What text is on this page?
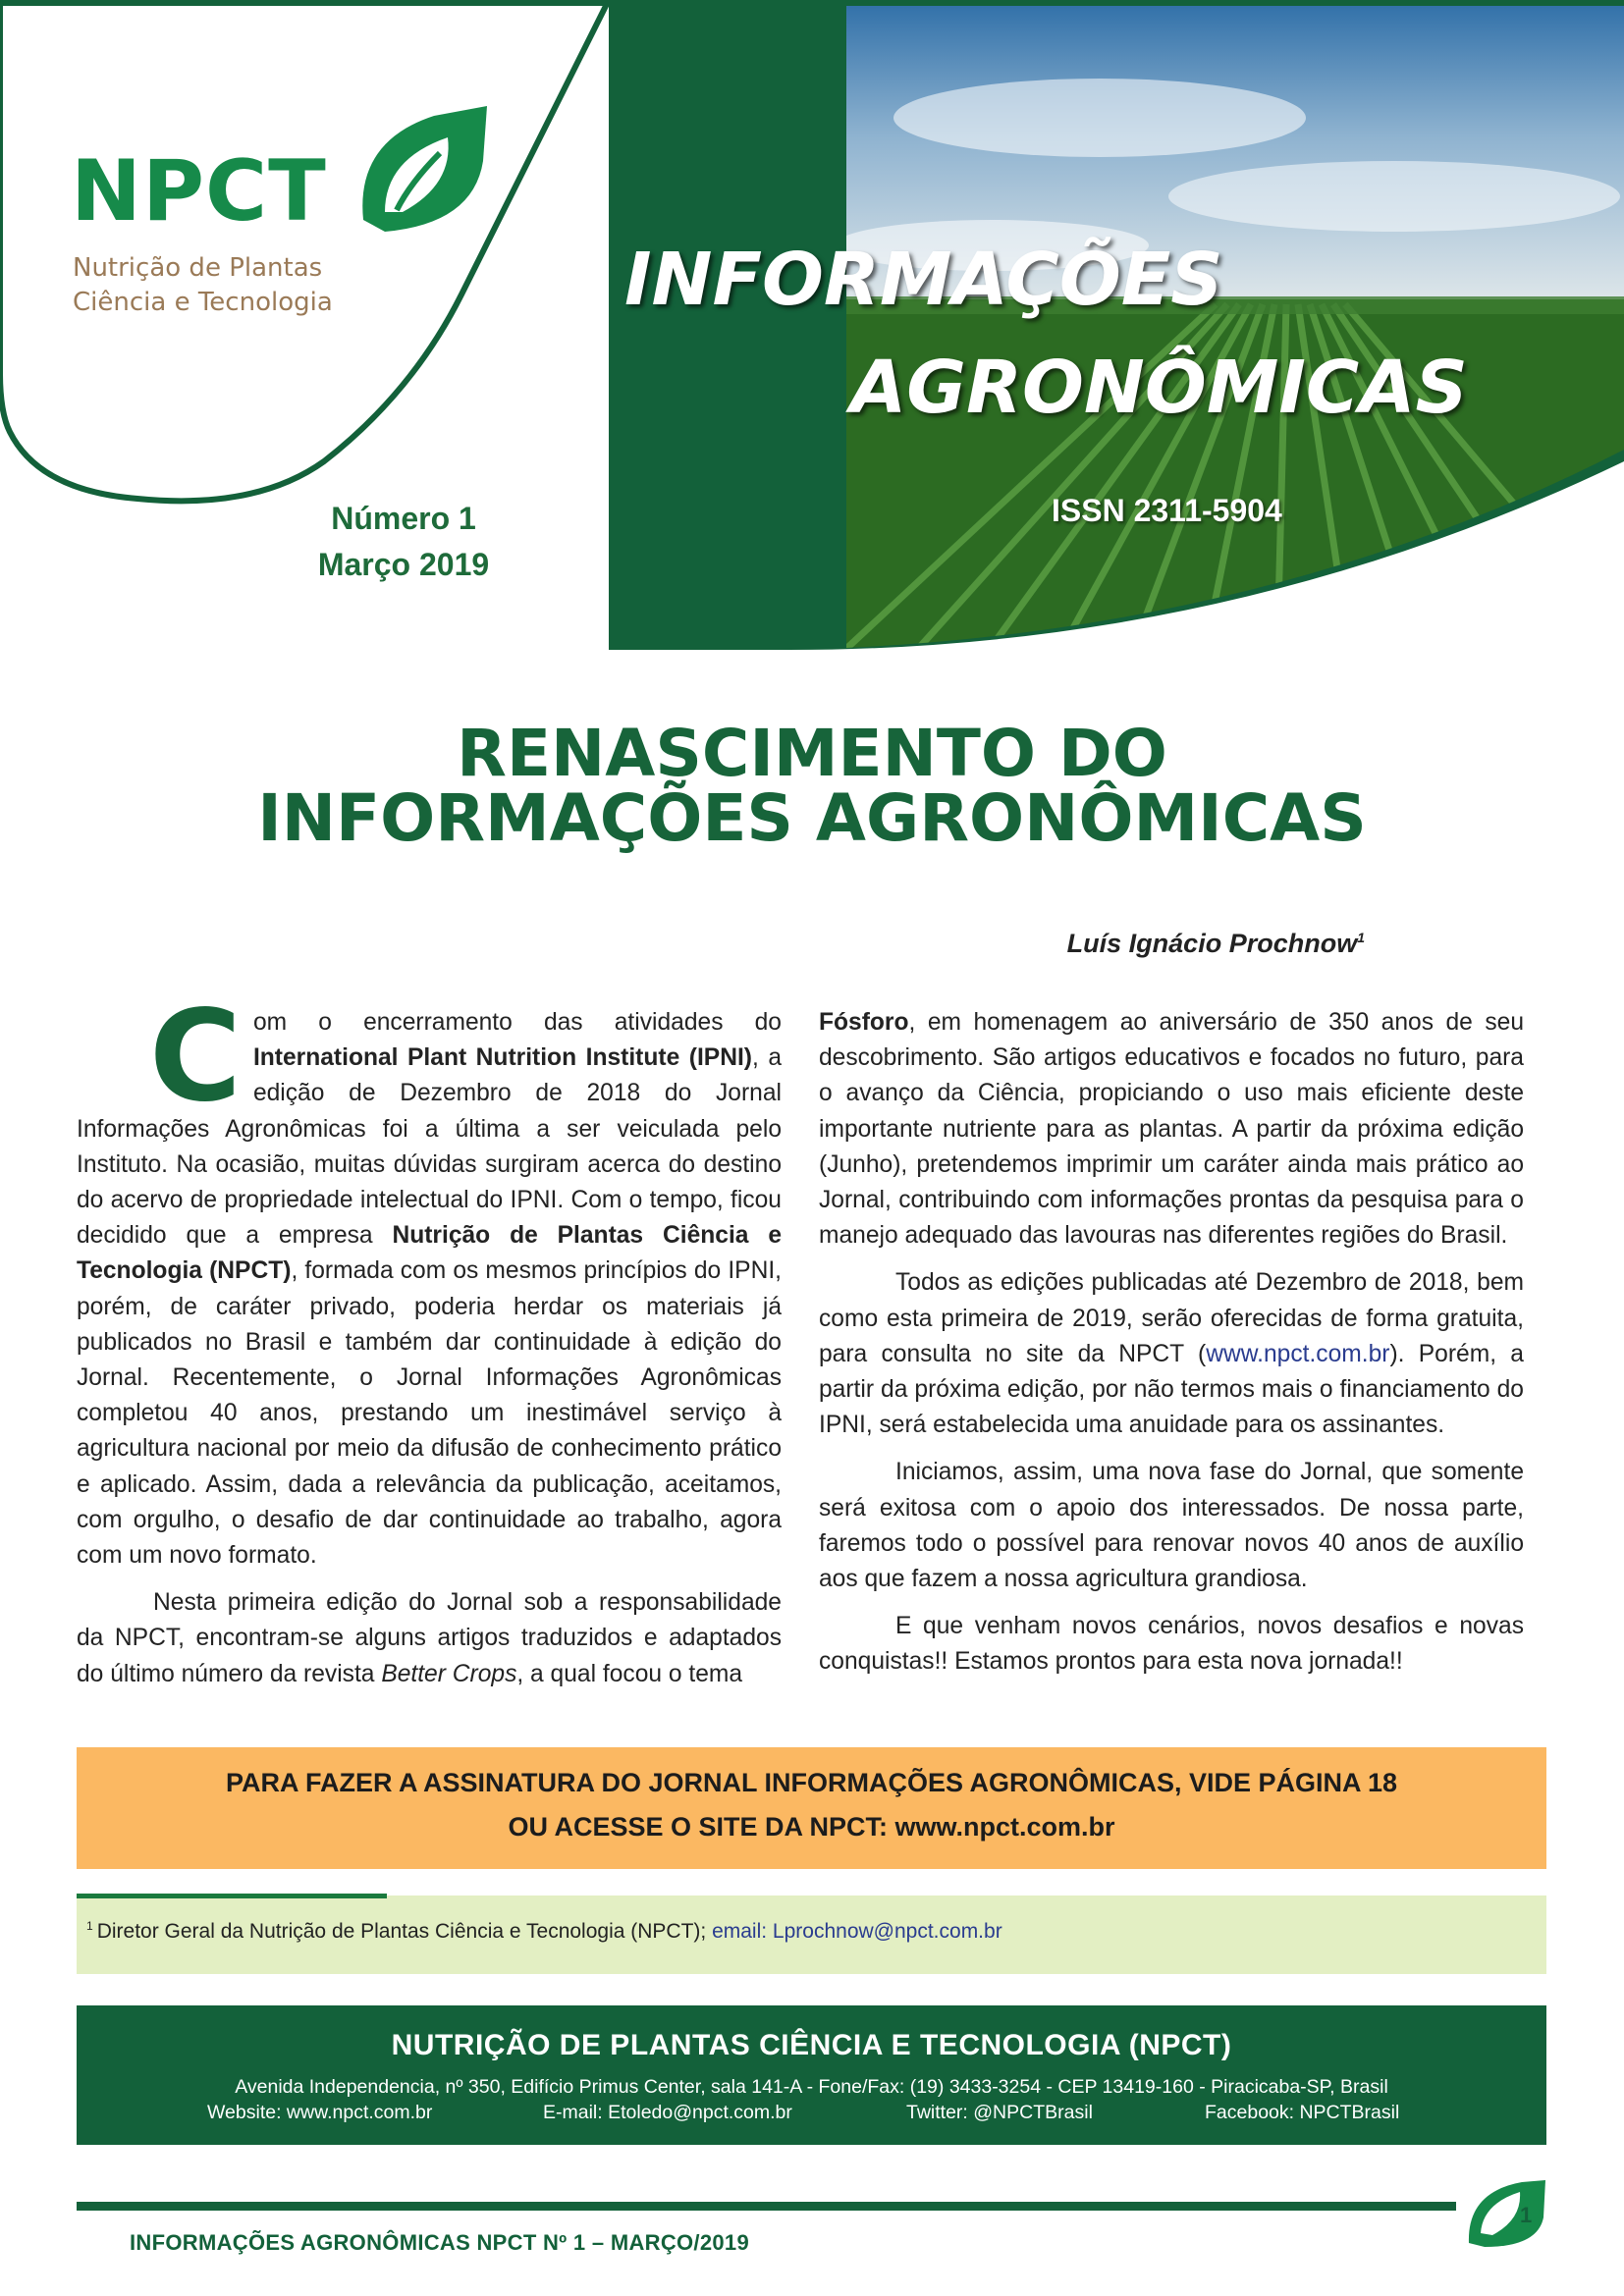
NPCT
Nutrição de Plantas
Ciência e Tecnologia	INFORMAÇÕES
AGRONÔMICAS
ISSN 2311-5904
Número 1
Março 2019
RENASCIMENTO DO
INFORMAÇÕES AGRONÔMICAS
Luís Ignácio Prochnow$^1$

Com o encerramento das atividades do International Plant Nutrition Institute (IPNI), a edição de Dezembro de 2018 do Jornal Informações Agronômicas foi a última a ser veiculada pelo Instituto. Na ocasião, muitas dúvidas surgiram acerca do destino do acervo de propriedade intelectual do IPNI. Com o tempo, ficou decidido que a empresa Nutrição de Plantas Ciência e Tecnologia (NPCT), formada com os mesmos princípios do IPNI, porém, de caráter privado, poderia herdar os materiais já publicados no Brasil e também dar continuidade à edição do Jornal. Recentemente, o Jornal Informações Agronômicas completou 40 anos, prestando um inestimável serviço à agricultura nacional por meio da difusão de conhecimento prático e aplicado. Assim, dada a relevância da publicação, aceitamos, com orgulho, o desafio de dar continuidade ao trabalho, agora com um novo formato.

Nesta primeira edição do Jornal sob a responsabilidade da NPCT, encontram-se alguns artigos traduzidos e adaptados do último número da revista Better Crops, a qual focou o tema

Fósforo, em homenagem ao aniversário de 350 anos de seu descobrimento. São artigos educativos e focados no futuro, para o avanço da Ciência, propiciando o uso mais eficiente deste importante nutriente para as plantas. A partir da próxima edição (Junho), pretendemos imprimir um caráter ainda mais prático ao Jornal, contribuindo com informações prontas da pesquisa para o manejo adequado das lavouras nas diferentes regiões do Brasil.

Todos as edições publicadas até Dezembro de 2018, bem como esta primeira de 2019, serão oferecidas de forma gratuita, para consulta no site da NPCT (www.npct.com.br). Porém, a partir da próxima edição, por não termos mais o financiamento do IPNI, será estabelecida uma anuidade para os assinantes.

Iniciamos, assim, uma nova fase do Jornal, que somente será exitosa com o apoio dos interessados. De nossa parte, faremos todo o possível para renovar novos 40 anos de auxílio aos que fazem a nossa agricultura grandiosa.

E que venham novos cenários, novos desafios e novas conquistas!! Estamos prontos para esta nova jornada!!

PARA FAZER A ASSINATURA DO JORNAL INFORMAÇÕES AGRONÔMICAS, VIDE PÁGINA 18
OU ACESSE O SITE DA NPCT: www.npct.com.br
$^1$ Diretor Geral da Nutrição de Plantas Ciência e Tecnologia (NPCT); email: Lprochnow@npct.com.br
NUTRIÇÃO DE PLANTAS CIÊNCIA E TECNOLOGIA (NPCT)
Avenida Independencia, nº 350, Edifício Primus Center, sala 141-A - Fone/Fax: (19) 3433-3254 - CEP 13419-160 - Piracicaba-SP, Brasil
Website: www.npct.com.br	E-mail: Etoledo@npct.com.br	Twitter: @NPCTBrasil	Facebook: NPCTBrasil
1
INFORMAÇÕES AGRONÔMICAS NPCT Nº 1 – MARÇO/2019
